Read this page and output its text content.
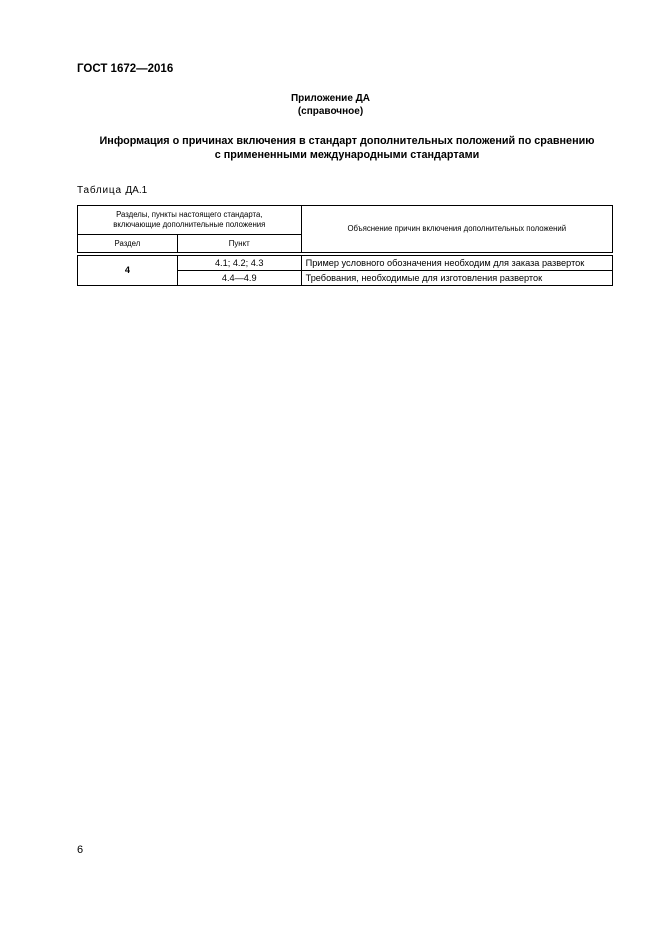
ГОСТ 1672—2016
Приложение ДА
(справочное)
Информация о причинах включения в стандарт дополнительных положений по сравнению
с примененными международными стандартами
Таблица ДА.1
Разделы, пункты настоящего стандарта,
включающие дополнительные положения		Объяснение причин включения дополнительных положений
Раздел	Пункт	

4	4.1; 4.2; 4.3	Пример условного обозначения необходим для заказа разверток
	4.4—4.9	Требования, необходимые для изготовления разверток
6
